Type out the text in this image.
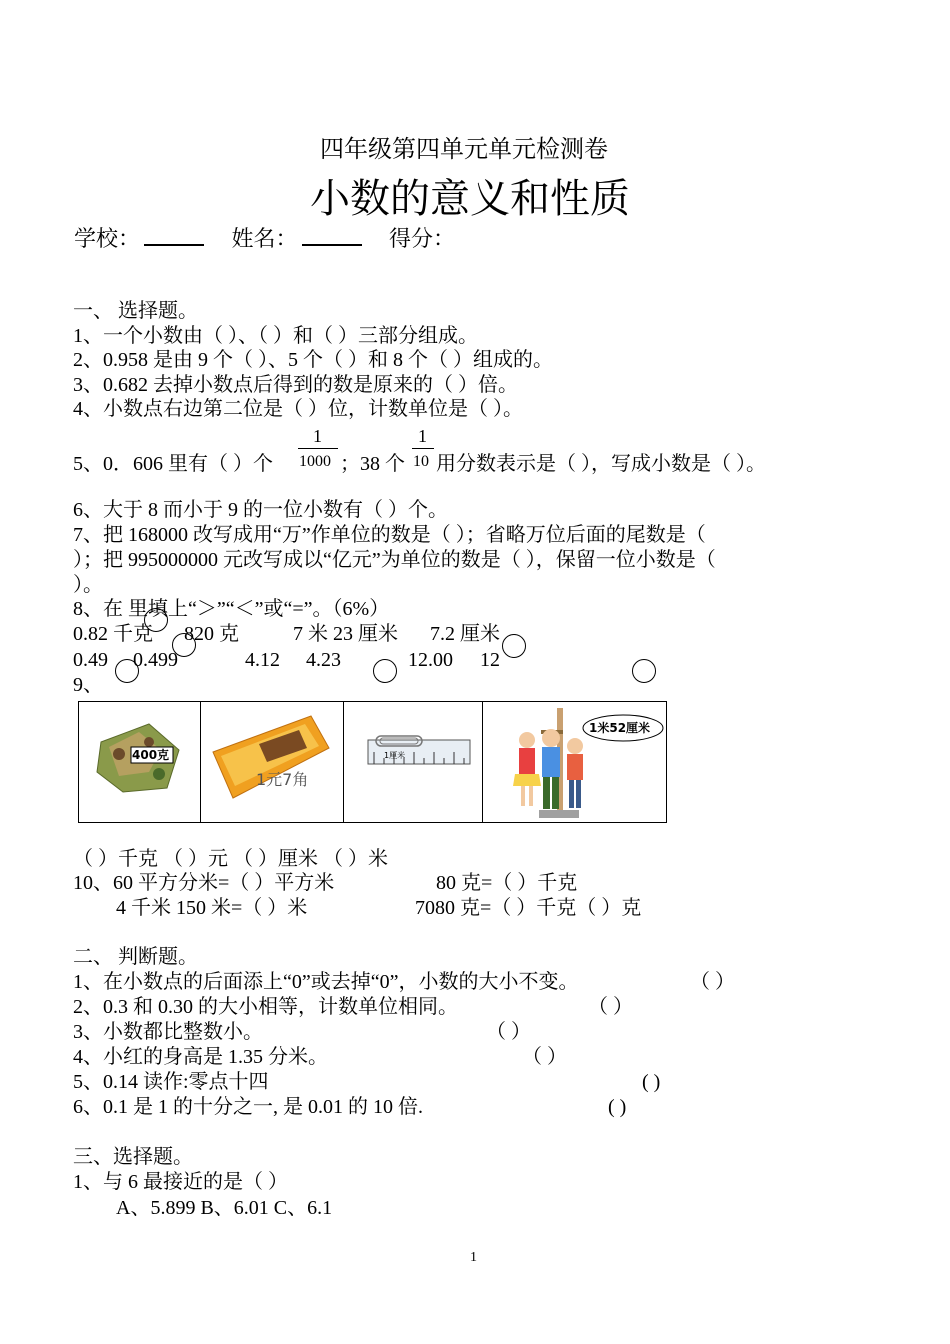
四年级第四单元单元检测卷
小数的意义和性质
学校：	姓名：	得分：
一、 选择题。
1、一个小数由（ ）、（ ）和（ ）三部分组成。
2、0.958 是由 9 个（ ）、5 个（ ）和 8 个（ ）组成的。
3、0.682 去掉小数点后得到的数是原来的（ ）倍。
4、小数点右边第二位是（ ）位，计数单位是（ ）。
5、0．606 里有（ ）个
1
1000 ；38 个
1
10 用分数表示是（ ），写成小数是（ ）。
6、大于 8 而小于 9 的一位小数有（ ）个。
7、把 168000 改写成用“万”作单位的数是（ ）；省略万位后面的尾数是（
）；把 995000000 元改写成以“亿元”为单位的数是（ ），保留一位小数是（
）。
8、在 里填上“＞”“＜”或“=”。（6%）
0.82 千克 820 克	7 米 23 厘米 7.2 厘米
0.49 0.499	4.12 4.23	12.00 12
9、
400克
1元7角
1厘米
1米52厘米
（ ）千克 （ ）元 （ ）厘米 （ ）米
10、60 平方分米=（ ）平方米	80 克=（ ）千克
4 千米 150 米=（ ）米	7080 克=（ ）千克（ ）克
二、 判断题。
1、在小数点的后面添上“0”或去掉“0”，小数的大小不变。	（ ）
2、0.3 和 0.30 的大小相等，计数单位相同。	（ ）
3、小数都比整数小。	（ ）
4、小红的身高是 1.35 分米。	（ ）
5、0.14 读作:零点十四	( )
6、0.1 是 1 的十分之一, 是 0.01 的 10 倍.	( )
三、选择题。
1、与 6 最接近的是（ ）
A、5.899 B、6.01 C、6.1
1
